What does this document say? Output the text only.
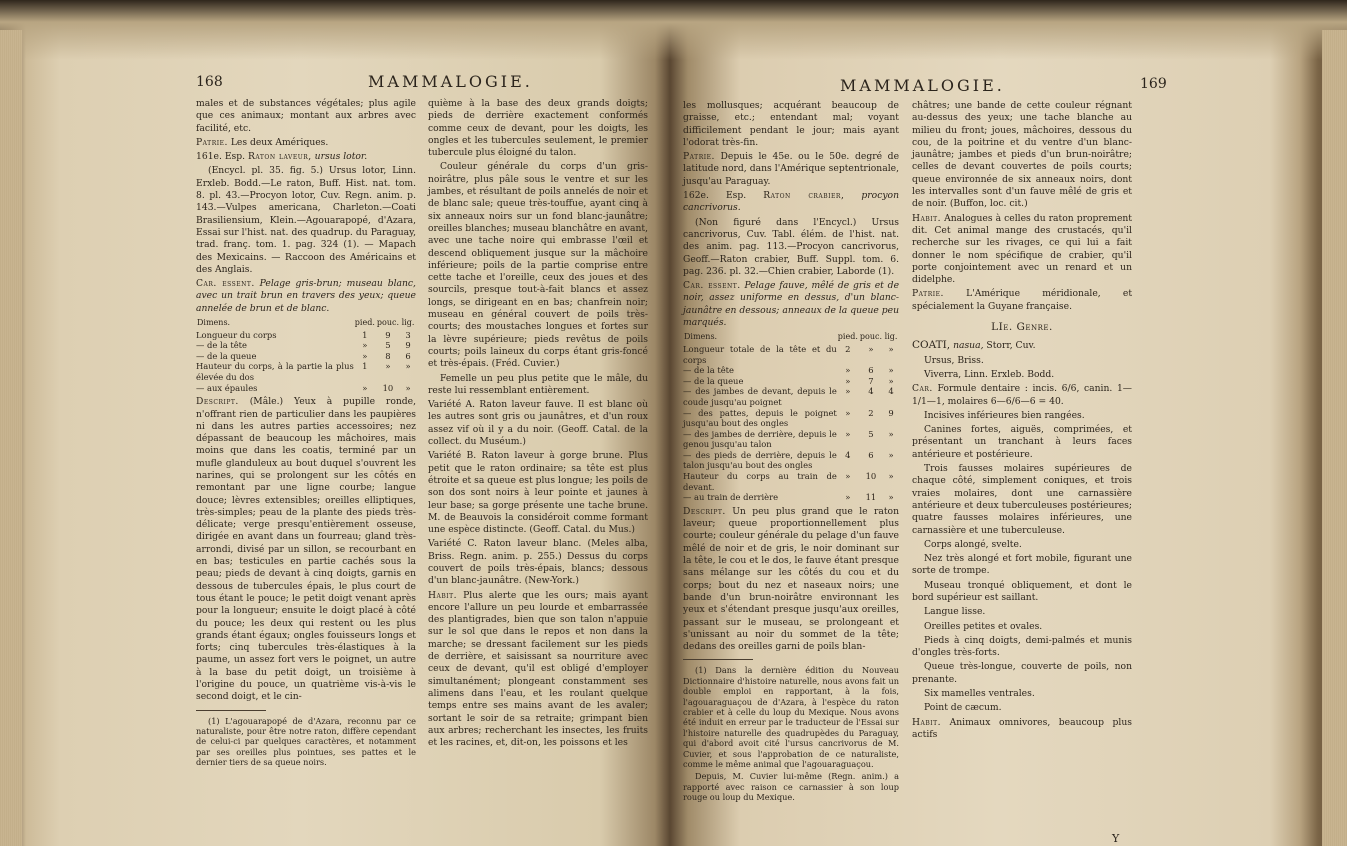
168	MAMMALOGIE.

males et de substances végétales; plus agile que ces animaux; montant aux arbres avec facilité, etc.

Patrie. Les deux Amériques.

161e. Esp. Raton laveur, ursus lotor.

(Encycl. pl. 35. fig. 5.) Ursus lotor, Linn. Erxleb. Bodd.—Le raton, Buff. Hist. nat. tom. 8. pl. 43.—Procyon lotor, Cuv. Regn. anim. p. 143.—Vulpes americana, Charleton.—Coati Brasiliensium, Klein.—Agouarapopé, d'Azara, Essai sur l'hist. nat. des quadrup. du Paraguay, trad. franç. tom. 1. pag. 324 (1). — Mapach des Mexicains. — Raccoon des Américains et des Anglais.

Car. essent. Pelage gris-brun; museau blanc, avec un trait brun en travers des yeux; queue annelée de brun et de blanc.

Dimens.	pied.	pouc.	lig.
Longueur du corps	1	9	3
— de la tête	»	5	9
— de la queue	»	8	6
Hauteur du corps, à la partie la plus élevée du dos	1	»	»
— aux épaules	»	10	»

Descript. (Mâle.) Yeux à pupille ronde, n'offrant rien de particulier dans les paupières ni dans les autres parties accessoires; nez dépassant de beaucoup les mâchoires, mais moins que dans les coatis, terminé par un mufle glanduleux au bout duquel s'ouvrent les narines, qui se prolongent sur les côtés en remontant par une ligne courbe; langue douce; lèvres extensibles; oreilles elliptiques, très-simples; peau de la plante des pieds très-délicate; verge presqu'entièrement osseuse, dirigée en avant dans un fourreau; gland très-arrondi, divisé par un sillon, se recourbant en en bas; testicules en partie cachés sous la peau; pieds de devant à cinq doigts, garnis en dessous de tubercules épais, le plus court de tous étant le pouce; le petit doigt venant après pour la longueur; ensuite le doigt placé à côté du pouce; les deux qui restent ou les plus grands étant égaux; ongles fouisseurs longs et forts; cinq tubercules très-élastiques à la paume, un assez fort vers le poignet, un autre à la base du petit doigt, un troisième à l'origine du pouce, un quatrième vis-à-vis le second doigt, et le cin-

(1) L'agouarapopé de d'Azara, reconnu par ce naturaliste, pour être notre raton, diffère cependant de celui-ci par quelques caractères, et notamment par ses oreilles plus pointues, ses pattes et le dernier tiers de sa queue noirs.

quième à la base des deux grands doigts; pieds de derrière exactement conformés comme ceux de devant, pour les doigts, les ongles et les tubercules seulement, le premier tubercule plus éloigné du talon.

Couleur générale du corps d'un gris-noirâtre, plus pâle sous le ventre et sur les jambes, et résultant de poils annelés de noir et de blanc sale; queue très-touffue, ayant cinq à six anneaux noirs sur un fond blanc-jaunâtre; oreilles blanches; museau blanchâtre en avant, avec une tache noire qui embrasse l'œil et descend obliquement jusque sur la mâchoire inférieure; poils de la partie comprise entre cette tache et l'oreille, ceux des joues et des sourcils, presque tout-à-fait blancs et assez longs, se dirigeant en en bas; chanfrein noir; museau en général couvert de poils très-courts; des moustaches longues et fortes sur la lèvre supérieure; pieds revêtus de poils courts; poils laineux du corps étant gris-foncé et très-épais. (Fréd. Cuvier.)

Femelle un peu plus petite que le mâle, du reste lui ressemblant entièrement.

Variété A. Raton laveur fauve. Il est blanc où les autres sont gris ou jaunâtres, et d'un roux assez vif où il y a du noir. (Geoff. Catal. de la collect. du Muséum.)

Variété B. Raton laveur à gorge brune. Plus petit que le raton ordinaire; sa tête est plus étroite et sa queue est plus longue; les poils de son dos sont noirs à leur pointe et jaunes à leur base; sa gorge présente une tache brune. M. de Beauvois la considéroit comme formant une espèce distincte. (Geoff. Catal. du Mus.)

Variété C. Raton laveur blanc. (Meles alba, Briss. Regn. anim. p. 255.) Dessus du corps couvert de poils très-épais, blancs; dessous d'un blanc-jaunâtre. (New-York.)

Habit. Plus alerte que les ours; mais ayant encore l'allure un peu lourde et embarrassée des plantigrades, bien que son talon n'appuie sur le sol que dans le repos et non dans la marche; se dressant facilement sur les pieds de derrière, et saisissant sa nourriture avec ceux de devant, qu'il est obligé d'employer simultanément; plongeant constamment ses alimens dans l'eau, et les roulant quelque temps entre ses mains avant de les avaler; sortant le soir de sa retraite; grimpant bien aux arbres; recherchant les insectes, les fruits et les racines, et, dit-on, les poissons et les

MAMMALOGIE.	169

les mollusques; acquérant beaucoup de graisse, etc.; entendant mal; voyant difficilement pendant le jour; mais ayant l'odorat très-fin.

Patrie. Depuis le 45e. ou le 50e. degré de latitude nord, dans l'Amérique septentrionale, jusqu'au Paraguay.

162e. Esp. Raton crabier, procyon cancrivorus.

(Non figuré dans l'Encycl.) Ursus cancrivorus, Cuv. Tabl. élém. de l'hist. nat. des anim. pag. 113.—Procyon cancrivorus, Geoff.—Raton crabier, Buff. Suppl. tom. 6. pag. 236. pl. 32.—Chien crabier, Laborde (1).

Car. essent. Pelage fauve, mêlé de gris et de noir, assez uniforme en dessus, d'un blanc-jaunâtre en dessous; anneaux de la queue peu marqués.

Dimens.	pied.	pouc.	lig.
Longueur totale de la tête et du corps	2	»	»
— de la tête	»	6	»
— de la queue	»	7	»
— des jambes de devant, depuis le coude jusqu'au poignet	»	4	4
— des pattes, depuis le poignet jusqu'au bout des ongles	»	2	9
— des jambes de derrière, depuis le genou jusqu'au talon	»	5	»
— des pieds de derrière, depuis le talon jusqu'au bout des ongles	4	6	»
Hauteur du corps au train de devant.	»	10	»
— au train de derrière	»	11	»

Descript. Un peu plus grand que le raton laveur; queue proportionnellement plus courte; couleur générale du pelage d'un fauve mêlé de noir et de gris, le noir dominant sur la tête, le cou et le dos, le fauve étant presque sans mélange sur les côtés du cou et du corps; bout du nez et naseaux noirs; une bande d'un brun-noirâtre environnant les yeux et s'étendant presque jusqu'aux oreilles, passant sur le museau, se prolongeant et s'unissant au noir du sommet de la tête; dedans des oreilles garni de poils blan-

(1) Dans la dernière édition du Nouveau Dictionnaire d'histoire naturelle, nous avons fait un double emploi en rapportant, à la fois, l'agouaraguaçou de d'Azara, à l'espèce du raton crabier et à celle du loup du Mexique. Nous avons été induit en erreur par le traducteur de l'Essai sur l'histoire naturelle des quadrupèdes du Paraguay, qui d'abord avoit cité l'ursus cancrivorus de M. Cuvier, et sous l'approbation de ce naturaliste, comme le même animal que l'agouaraguaçou.

Depuis, M. Cuvier lui-même (Regn. anim.) a rapporté avec raison ce carnassier à son loup rouge ou loup du Mexique.

châtres; une bande de cette couleur régnant au-dessus des yeux; une tache blanche au milieu du front; joues, mâchoires, dessous du cou, de la poitrine et du ventre d'un blanc-jaunâtre; jambes et pieds d'un brun-noirâtre; celles de devant couvertes de poils courts; queue environnée de six anneaux noirs, dont les intervalles sont d'un fauve mêlé de gris et de noir. (Buffon, loc. cit.)

Habit. Analogues à celles du raton proprement dit. Cet animal mange des crustacés, qu'il recherche sur les rivages, ce qui lui a fait donner le nom spécifique de crabier, qu'il porte conjointement avec un renard et un didelphe.

Patrie. L'Amérique méridionale, et spécialement la Guyane française.

LIe. Genre.

COATI, nasua, Storr, Cuv.

Ursus, Briss.

Viverra, Linn. Erxleb. Bodd.

Car. Formule dentaire : incis. 6/6, canin. 1—1/1—1, molaires 6—6/6—6 = 40.

Incisives inférieures bien rangées.

Canines fortes, aiguës, comprimées, et présentant un tranchant à leurs faces antérieure et postérieure.

Trois fausses molaires supérieures de chaque côté, simplement coniques, et trois vraies molaires, dont une carnassière antérieure et deux tuberculeuses postérieures; quatre fausses molaires inférieures, une carnassière et une tuberculeuse.

Corps alongé, svelte.

Nez très alongé et fort mobile, figurant une sorte de trompe.

Museau tronqué obliquement, et dont le bord supérieur est saillant.

Langue lisse.

Oreilles petites et ovales.

Pieds à cinq doigts, demi-palmés et munis d'ongles très-forts.

Queue très-longue, couverte de poils, non prenante.

Six mamelles ventrales.

Point de cæcum.

Habit. Animaux omnivores, beaucoup plus actifs

Y
